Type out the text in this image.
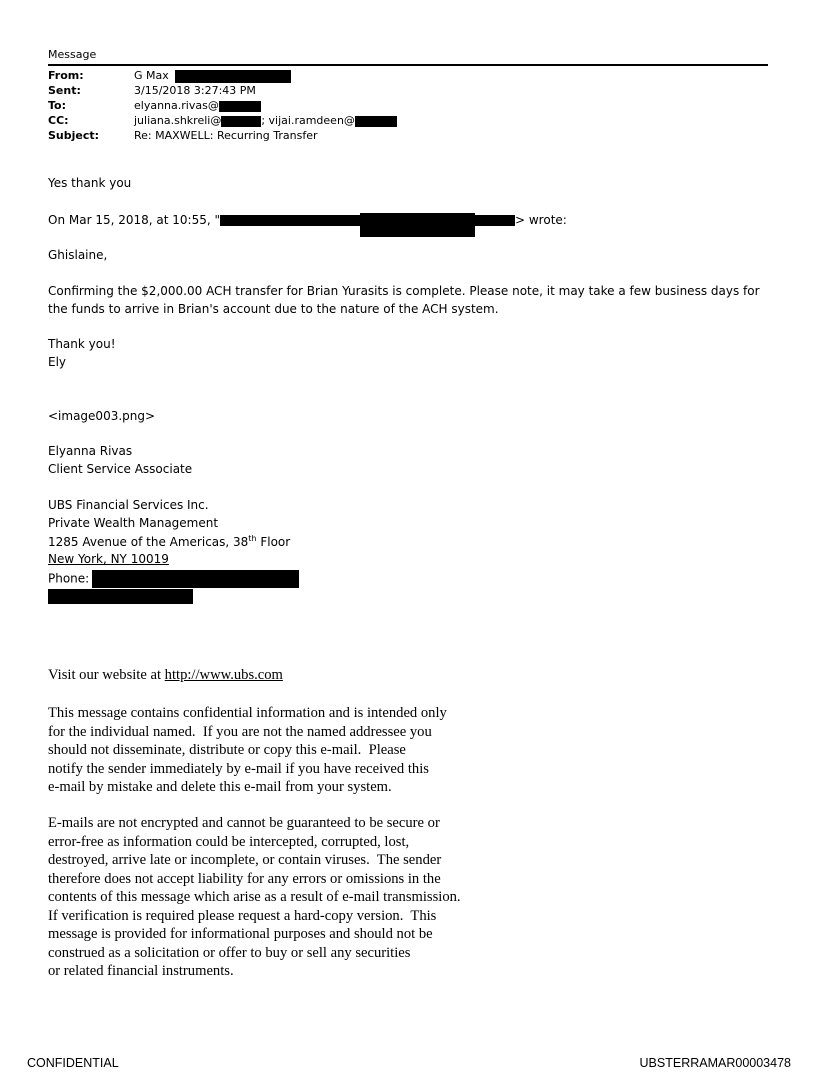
Message
From:	G Max
Sent:	3/15/2018 3:27:43 PM
To:	elyanna.rivas@
CC:	juliana.shkreli@	; vijai.ramdeen@
Subject:	Re: MAXWELL: Recurring Transfer
Yes thank you
On Mar 15, 2018, at 10:55, "	> wrote:
Ghislaine,
Confirming the $2,000.00 ACH transfer for Brian Yurasits is complete. Please note, it may take a few business days for
the funds to arrive in Brian's account due to the nature of the ACH system.
Thank you!
Ely
<image003.png>
Elyanna Rivas
Client Service Associate
UBS Financial Services Inc.
Private Wealth Management
1285 Avenue of the Americas, 38th Floor
New York, NY 10019
Phone:
Visit our website at http://www.ubs.com
This message contains confidential information and is intended only
for the individual named.  If you are not the named addressee you
should not disseminate, distribute or copy this e-mail.  Please
notify the sender immediately by e-mail if you have received this
e-mail by mistake and delete this e-mail from your system.
E-mails are not encrypted and cannot be guaranteed to be secure or
error-free as information could be intercepted, corrupted, lost,
destroyed, arrive late or incomplete, or contain viruses.  The sender
therefore does not accept liability for any errors or omissions in the
contents of this message which arise as a result of e-mail transmission.
If verification is required please request a hard-copy version.  This
message is provided for informational purposes and should not be
construed as a solicitation or offer to buy or sell any securities
or related financial instruments.
CONFIDENTIAL	UBSTERRAMAR00003478
